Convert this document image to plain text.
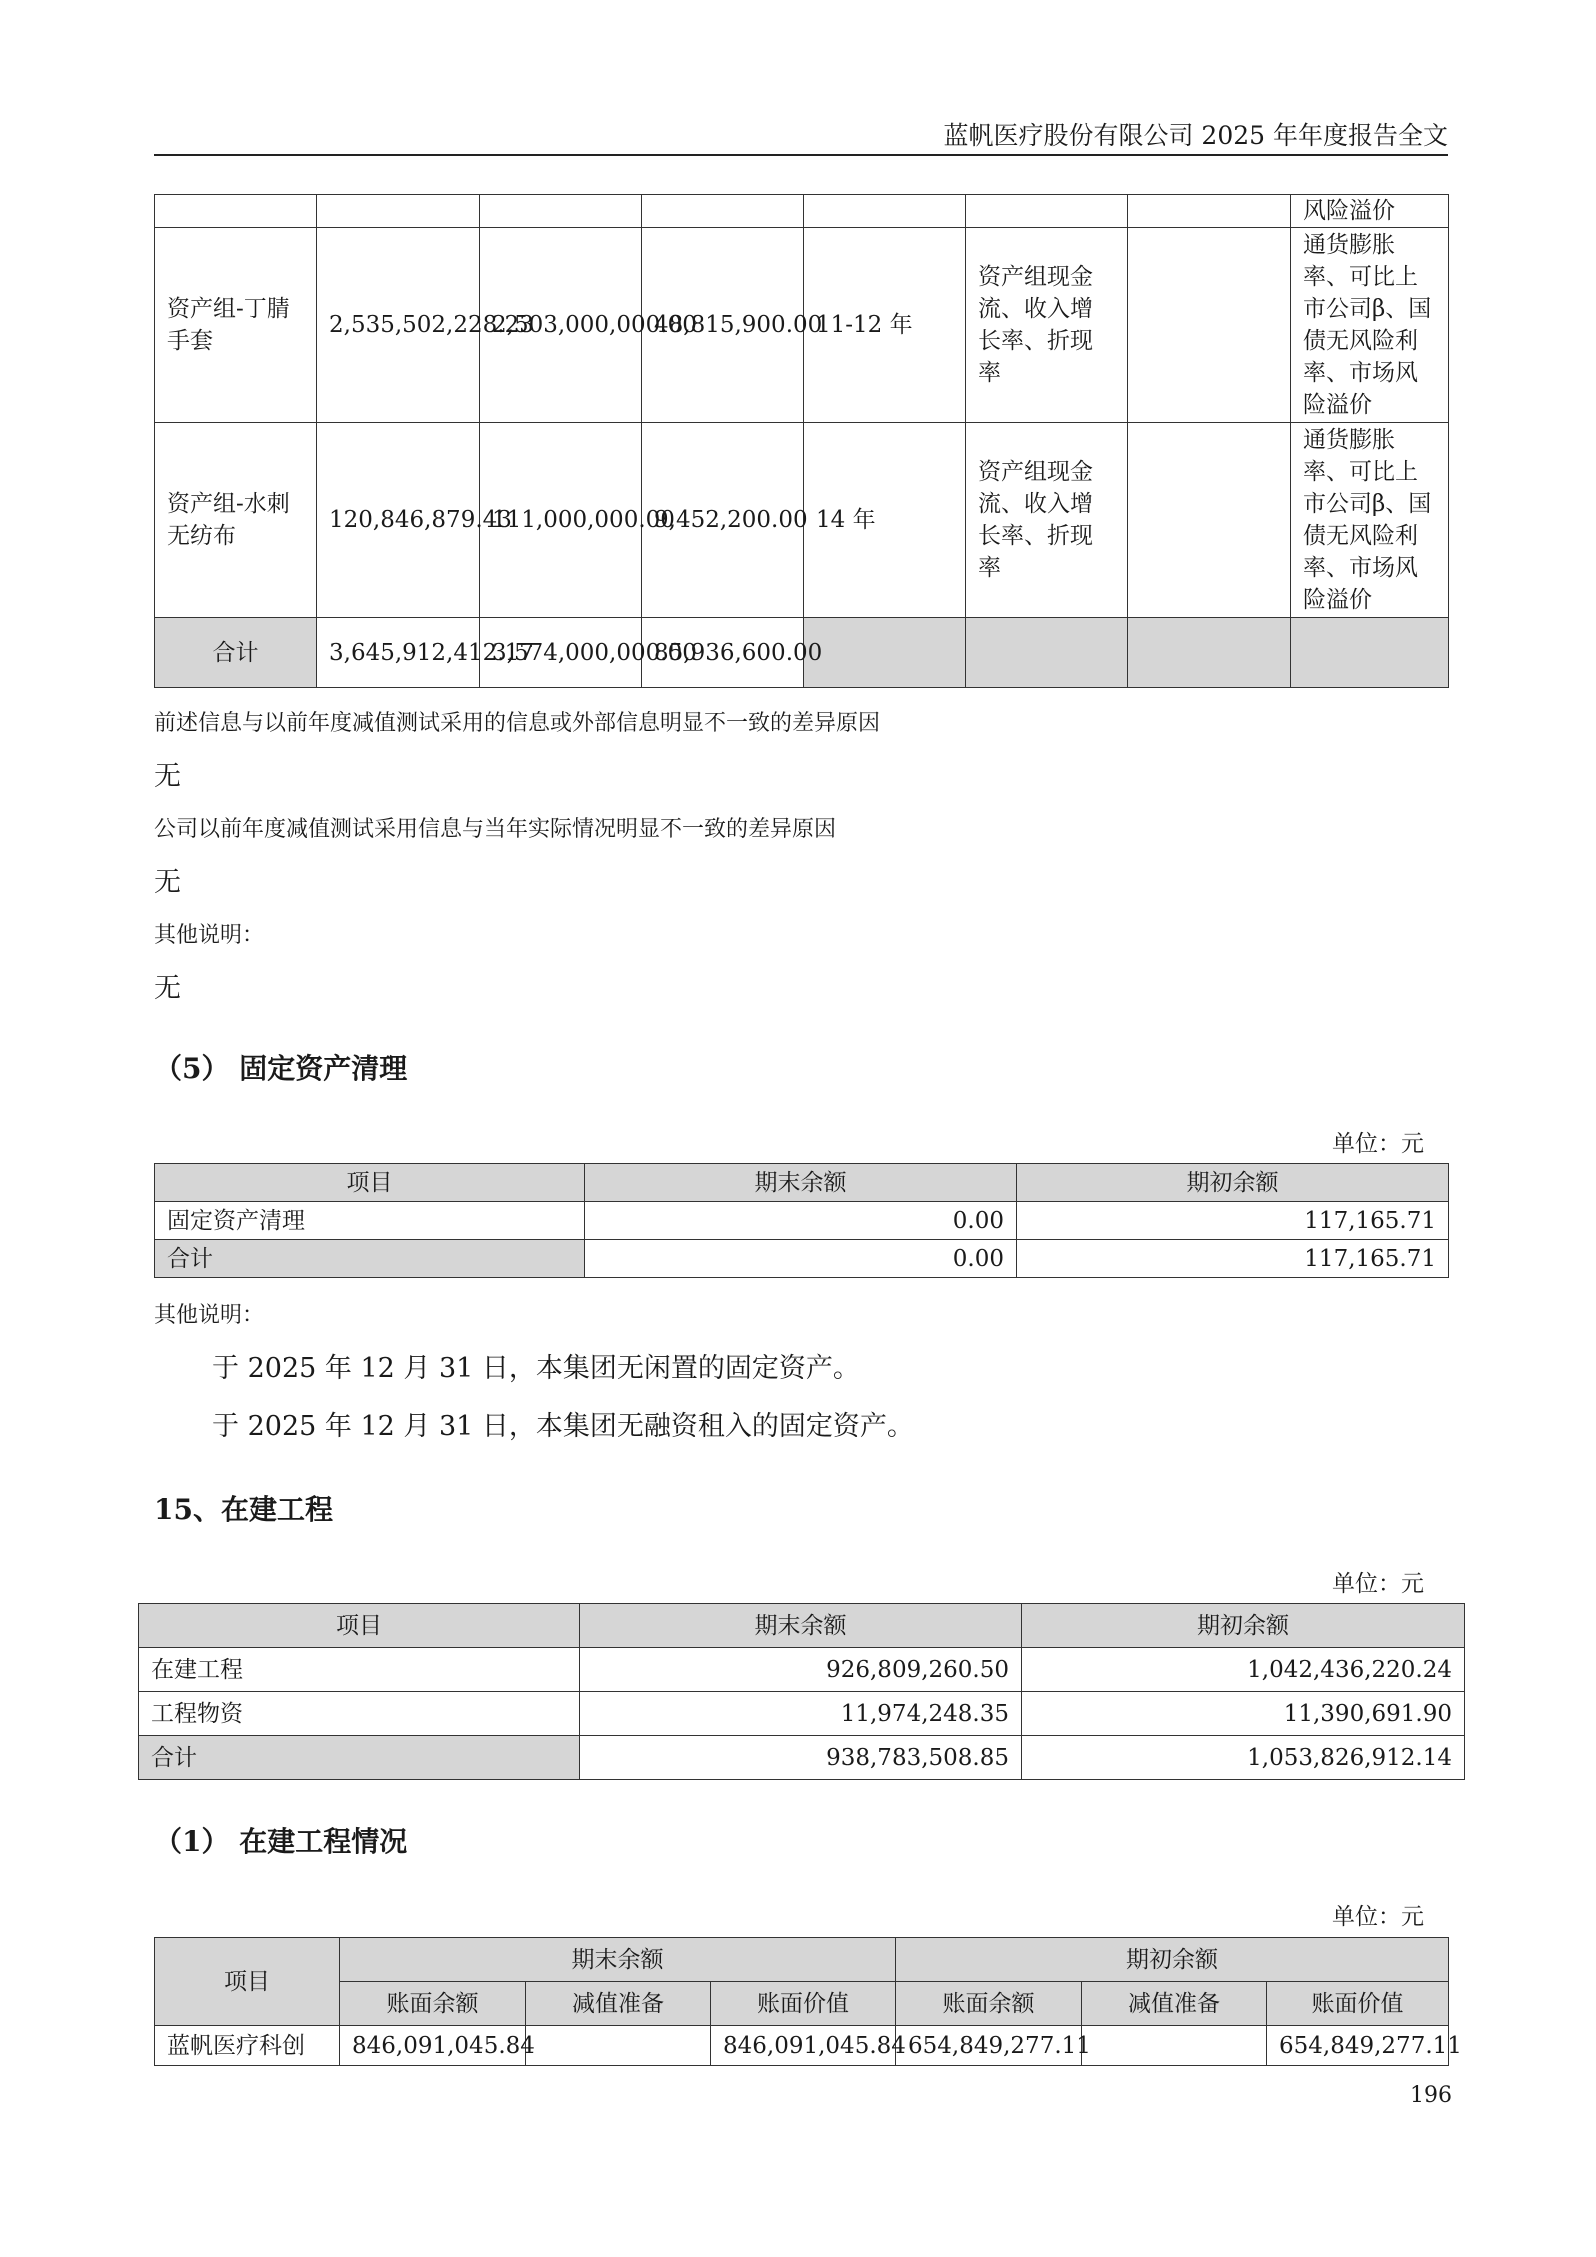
蓝帆医疗股份有限公司 2025 年年度报告全文
							风险溢价
资产组-丁腈手套	2,535,502,228.23	2,503,000,000.00	48,815,900.00	11-12 年	资产组现金流、收入增长率、折现率		通货膨胀率、可比上市公司β、国债无风险利率、市场风险溢价
资产组-水刺无纺布	120,846,879.43	111,000,000.00	9,452,200.00	14 年	资产组现金流、收入增长率、折现率		通货膨胀率、可比上市公司β、国债无风险利率、市场风险溢价
合计	3,645,912,412.17	3,574,000,000.00	85,936,600.00				
前述信息与以前年度减值测试采用的信息或外部信息明显不一致的差异原因
无
公司以前年度减值测试采用信息与当年实际情况明显不一致的差异原因
无
其他说明：
无
（5） 固定资产清理
单位：元
项目	期末余额	期初余额
固定资产清理	0.00	117,165.71
合计	0.00	117,165.71
其他说明：
于 2025 年 12 月 31 日，本集团无闲置的固定资产。
于 2025 年 12 月 31 日，本集团无融资租入的固定资产。
15、在建工程
单位：元
项目	期末余额	期初余额
在建工程	926,809,260.50	1,042,436,220.24
工程物资	11,974,248.35	11,390,691.90
合计	938,783,508.85	1,053,826,912.14
（1） 在建工程情况
单位：元
项目	期末余额			期初余额		
	账面余额	减值准备	账面价值	账面余额	减值准备	账面价值
蓝帆医疗科创	846,091,045.84		846,091,045.84	654,849,277.11		654,849,277.11
196
